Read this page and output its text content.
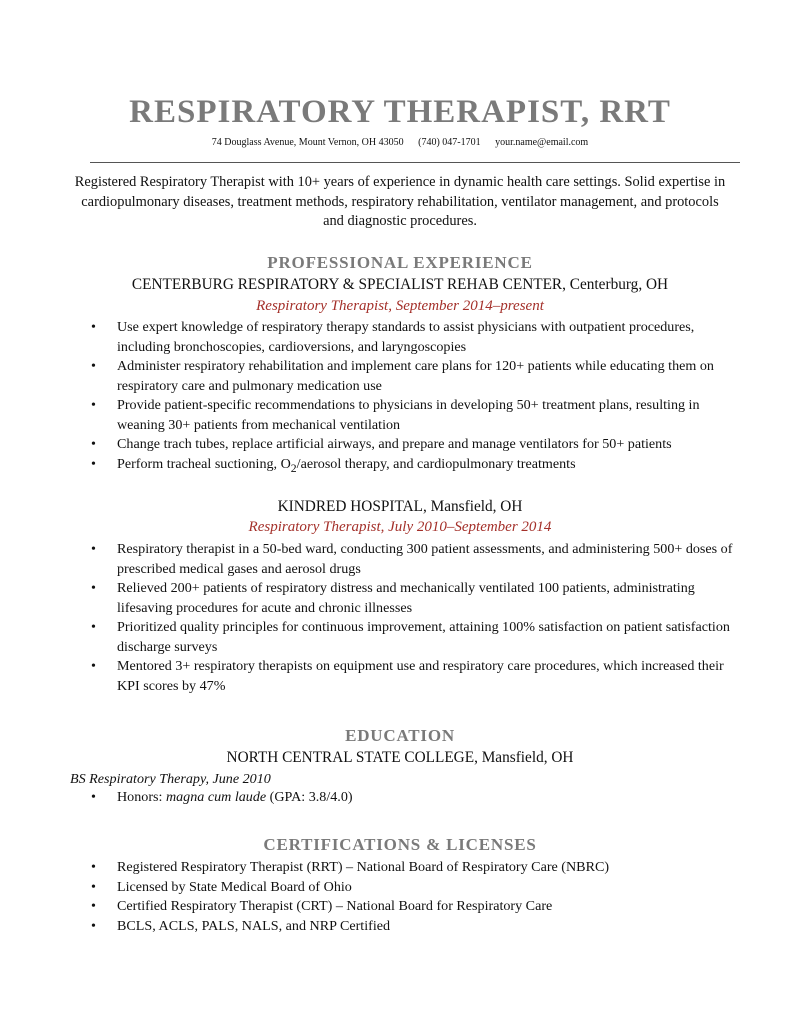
RESPIRATORY THERAPIST, RRT
74 Douglass Avenue, Mount Vernon, OH 43050 (740) 047-1701 your.name@email.com
Registered Respiratory Therapist with 10+ years of experience in dynamic health care settings. Solid expertise in cardiopulmonary diseases, treatment methods, respiratory rehabilitation, ventilator management, and protocols and diagnostic procedures.
PROFESSIONAL EXPERIENCE
CENTERBURG RESPIRATORY & SPECIALIST REHAB CENTER, Centerburg, OH
Respiratory Therapist, September 2014–present
• Use expert knowledge of respiratory therapy standards to assist physicians with outpatient procedures, including bronchoscopies, cardioversions, and laryngoscopies
• Administer respiratory rehabilitation and implement care plans for 120+ patients while educating them on respiratory care and pulmonary medication use
• Provide patient-specific recommendations to physicians in developing 50+ treatment plans, resulting in weaning 30+ patients from mechanical ventilation
• Change trach tubes, replace artificial airways, and prepare and manage ventilators for 50+ patients
• Perform tracheal suctioning, $O_2$/aerosol therapy, and cardiopulmonary treatments
KINDRED HOSPITAL, Mansfield, OH
Respiratory Therapist, July 2010–September 2014
• Respiratory therapist in a 50-bed ward, conducting 300 patient assessments, and administering 500+ doses of prescribed medical gases and aerosol drugs
• Relieved 200+ patients of respiratory distress and mechanically ventilated 100 patients, administrating lifesaving procedures for acute and chronic illnesses
• Prioritized quality principles for continuous improvement, attaining 100% satisfaction on patient satisfaction discharge surveys
• Mentored 3+ respiratory therapists on equipment use and respiratory care procedures, which increased their KPI scores by 47%
EDUCATION
NORTH CENTRAL STATE COLLEGE, Mansfield, OH
BS Respiratory Therapy, June 2010
• Honors: magna cum laude (GPA: 3.8/4.0)
CERTIFICATIONS & LICENSES
• Registered Respiratory Therapist (RRT) – National Board of Respiratory Care (NBRC)
• Licensed by State Medical Board of Ohio
• Certified Respiratory Therapist (CRT) – National Board for Respiratory Care
• BCLS, ACLS, PALS, NALS, and NRP Certified
